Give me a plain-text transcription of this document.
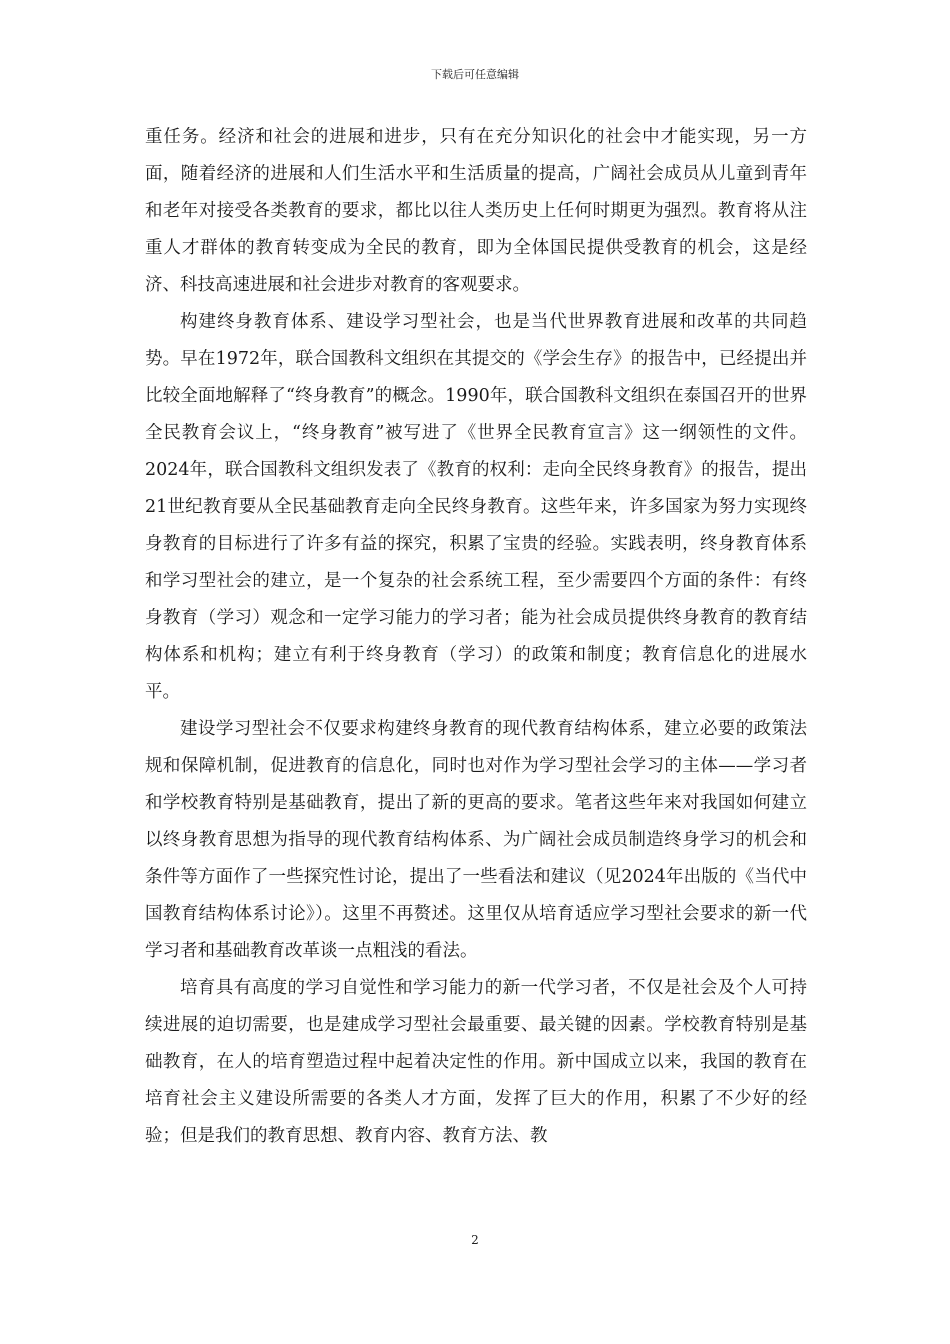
下载后可任意编辑

重任务。经济和社会的进展和进步，只有在充分知识化的社会中才能实现，另一方面，随着经济的进展和人们生活水平和生活质量的提高，广阔社会成员从儿童到青年和老年对接受各类教育的要求，都比以往人类历史上任何时期更为强烈。教育将从注重人才群体的教育转变成为全民的教育，即为全体国民提供受教育的机会，这是经济、科技高速进展和社会进步对教育的客观要求。

构建终身教育体系、建设学习型社会，也是当代世界教育进展和改革的共同趋势。早在1972年，联合国教科文组织在其提交的《学会生存》的报告中，已经提出并比较全面地解释了“终身教育”的概念。1990年，联合国教科文组织在泰国召开的世界全民教育会议上，“终身教育”被写进了《世界全民教育宣言》这一纲领性的文件。2024年，联合国教科文组织发表了《教育的权利：走向全民终身教育》的报告，提出21世纪教育要从全民基础教育走向全民终身教育。这些年来，许多国家为努力实现终身教育的目标进行了许多有益的探究，积累了宝贵的经验。实践表明，终身教育体系和学习型社会的建立，是一个复杂的社会系统工程，至少需要四个方面的条件：有终身教育（学习）观念和一定学习能力的学习者；能为社会成员提供终身教育的教育结构体系和机构；建立有利于终身教育（学习）的政策和制度；教育信息化的进展水平。

建设学习型社会不仅要求构建终身教育的现代教育结构体系，建立必要的政策法规和保障机制，促进教育的信息化，同时也对作为学习型社会学习的主体——学习者和学校教育特别是基础教育，提出了新的更高的要求。笔者这些年来对我国如何建立以终身教育思想为指导的现代教育结构体系、为广阔社会成员制造终身学习的机会和条件等方面作了一些探究性讨论，提出了一些看法和建议（见2024年出版的《当代中国教育结构体系讨论》）。这里不再赘述。这里仅从培育适应学习型社会要求的新一代学习者和基础教育改革谈一点粗浅的看法。

培育具有高度的学习自觉性和学习能力的新一代学习者，不仅是社会及个人可持续进展的迫切需要，也是建成学习型社会最重要、最关键的因素。学校教育特别是基础教育，在人的培育塑造过程中起着决定性的作用。新中国成立以来，我国的教育在培育社会主义建设所需要的各类人才方面，发挥了巨大的作用，积累了不少好的经验；但是我们的教育思想、教育内容、教育方法、教

2
